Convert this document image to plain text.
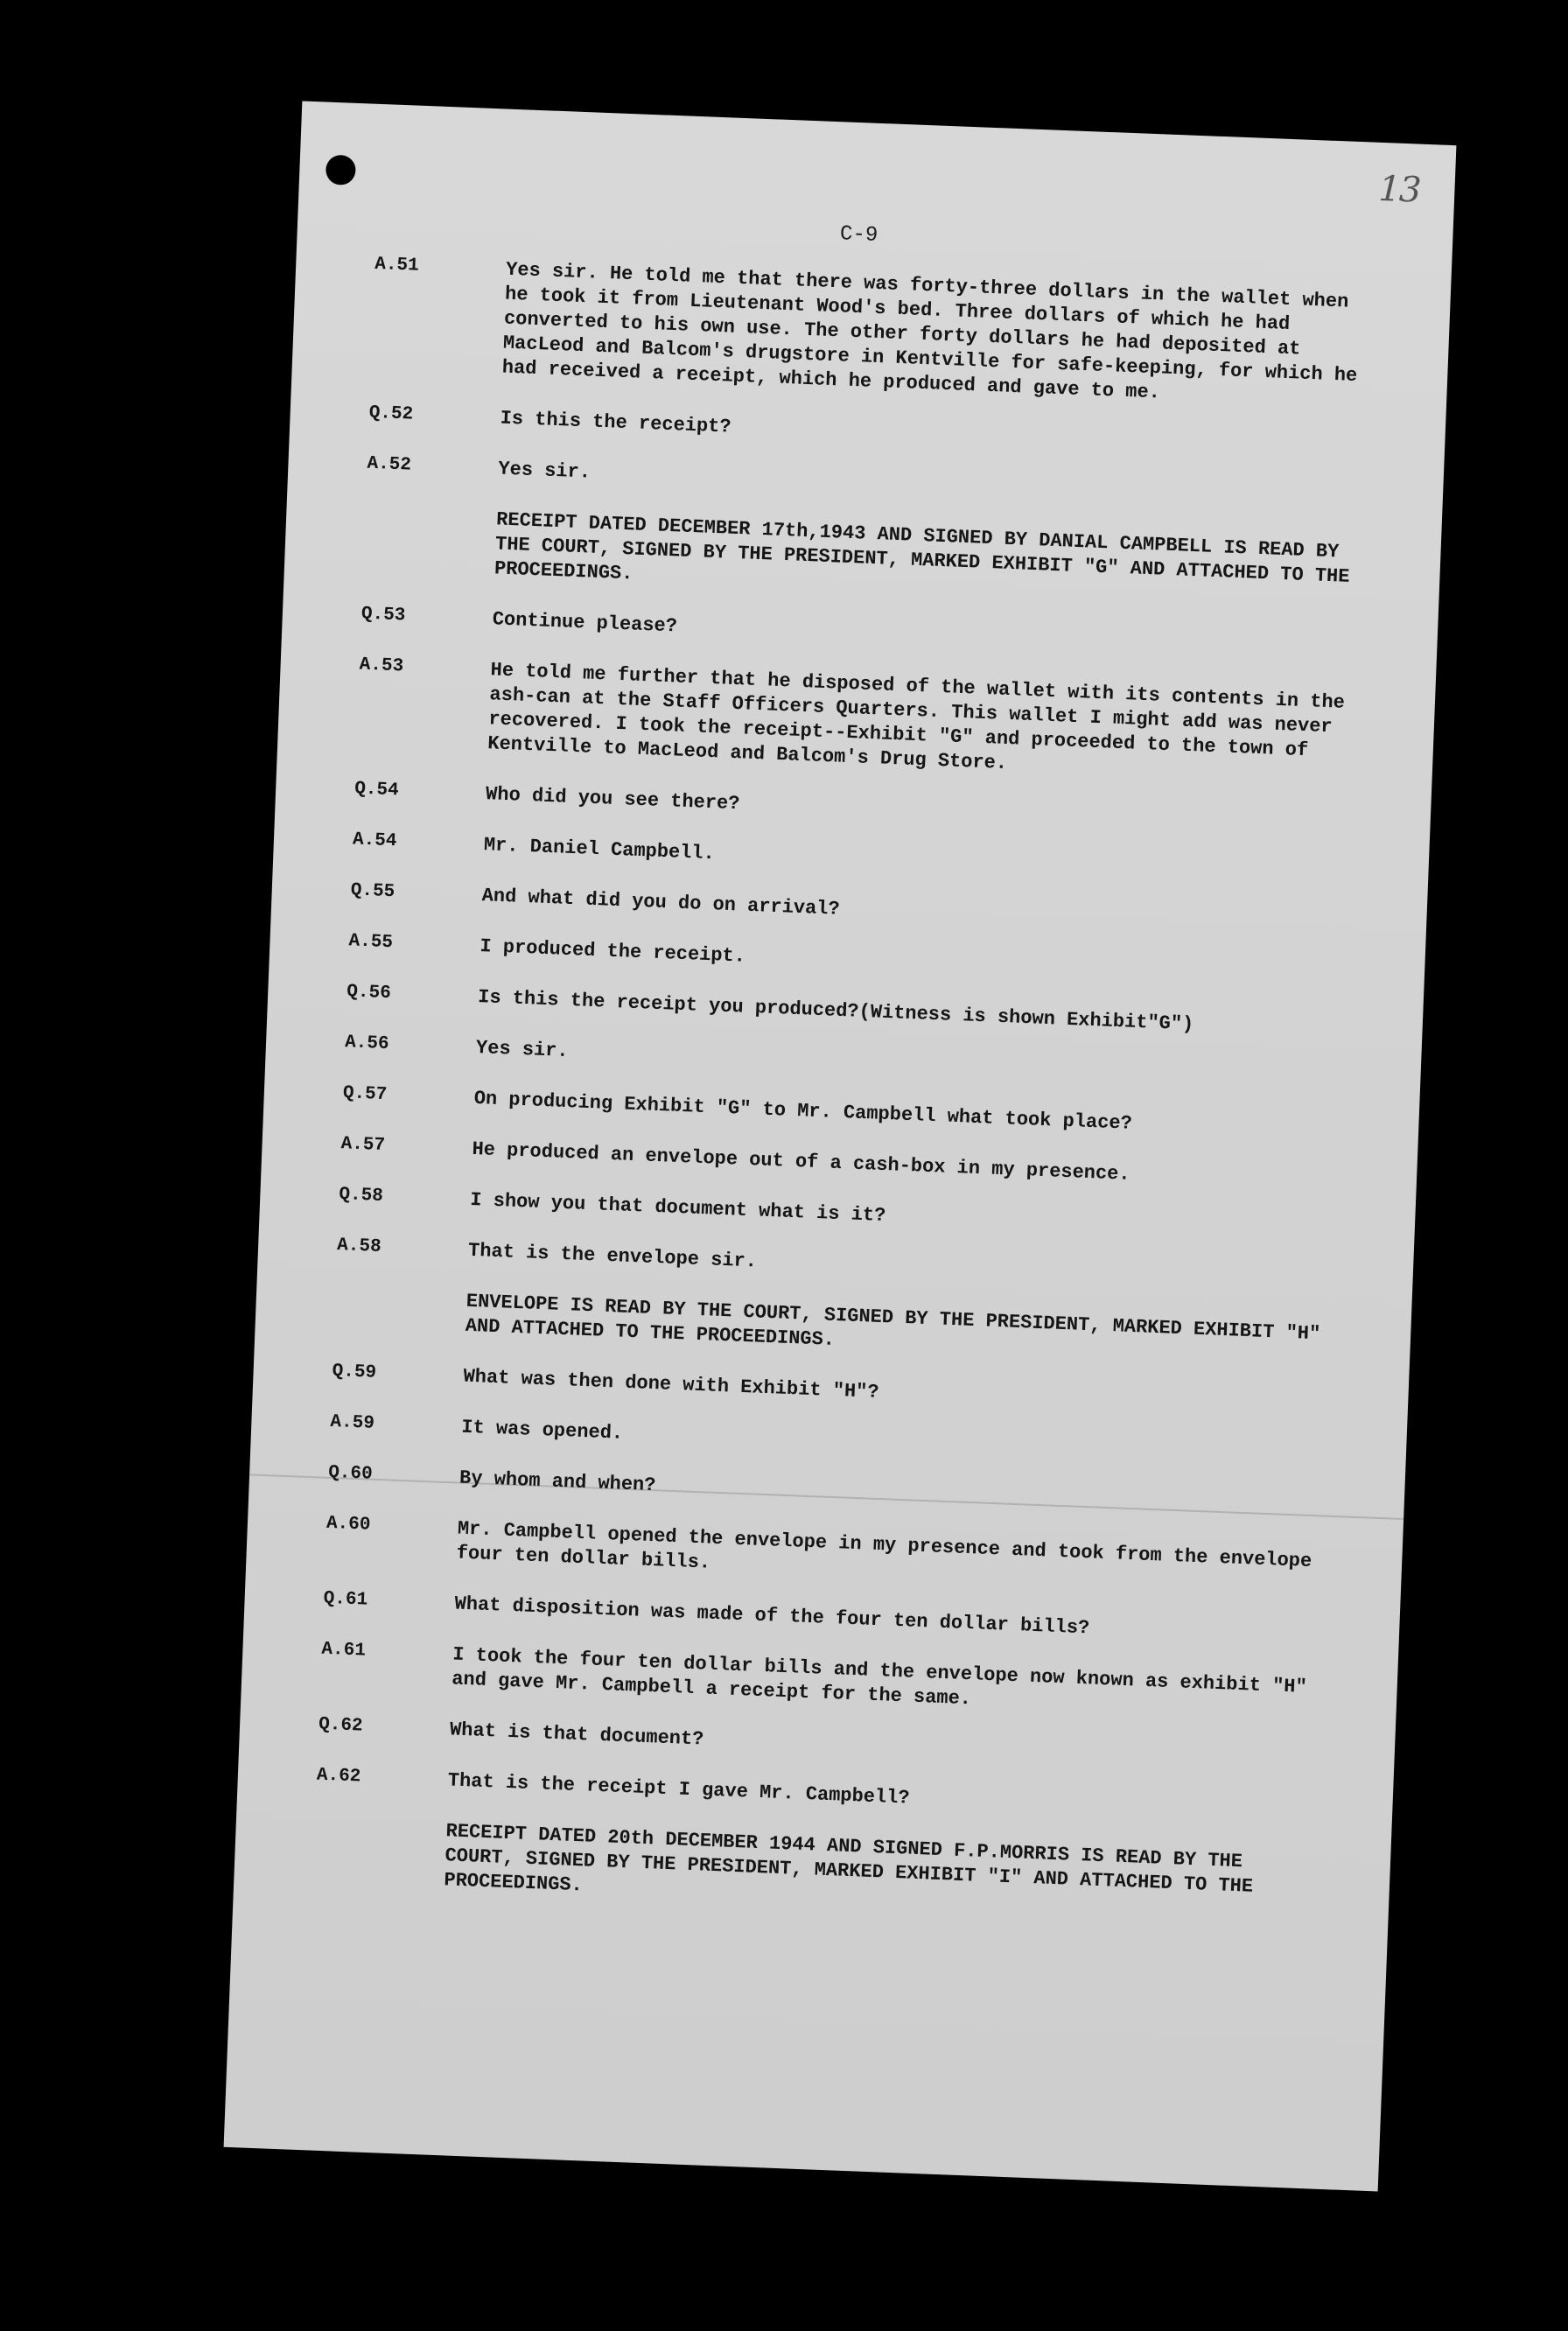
13
C-9
A.51	Yes sir. He told me that there was forty-three dollars in the wallet when he took it from Lieutenant Wood's bed. Three dollars of which he had converted to his own use. The other forty dollars he had deposited at MacLeod and Balcom's drugstore in Kentville for safe-keeping, for which he had received a receipt, which he produced and gave to me.
Q.52	Is this the receipt?
A.52	Yes sir.
RECEIPT DATED DECEMBER 17th,1943 AND SIGNED BY DANIAL CAMPBELL IS READ BY THE COURT, SIGNED BY THE PRESIDENT, MARKED EXHIBIT "G" AND ATTACHED TO THE PROCEEDINGS.
Q.53	Continue please?
A.53	He told me further that he disposed of the wallet with its contents in the ash-can at the Staff Officers Quarters. This wallet I might add was never recovered. I took the receipt--Exhibit "G" and proceeded to the town of Kentville to MacLeod and Balcom's Drug Store.
Q.54	Who did you see there?
A.54	Mr. Daniel Campbell.
Q.55	And what did you do on arrival?
A.55	I produced the receipt.
Q.56	Is this the receipt you produced?(Witness is shown Exhibit"G")
A.56	Yes sir.
Q.57	On producing Exhibit "G" to Mr. Campbell what took place?
A.57	He produced an envelope out of a cash-box in my presence.
Q.58	I show you that document what is it?
A.58	That is the envelope sir.
ENVELOPE IS READ BY THE COURT, SIGNED BY THE PRESIDENT, MARKED EXHIBIT "H" AND ATTACHED TO THE PROCEEDINGS.
Q.59	What was then done with Exhibit "H"?
A.59	It was opened.
Q.60	By whom and when?
A.60	Mr. Campbell opened the envelope in my presence and took from the envelope four ten dollar bills.
Q.61	What disposition was made of the four ten dollar bills?
A.61	I took the four ten dollar bills and the envelope now known as exhibit "H" and gave Mr. Campbell a receipt for the same.
Q.62	What is that document?
A.62	That is the receipt I gave Mr. Campbell?
RECEIPT DATED 20th DECEMBER 1944 AND SIGNED F.P.MORRIS IS READ BY THE COURT, SIGNED BY THE PRESIDENT, MARKED EXHIBIT "I" AND ATTACHED TO THE PROCEEDINGS.
